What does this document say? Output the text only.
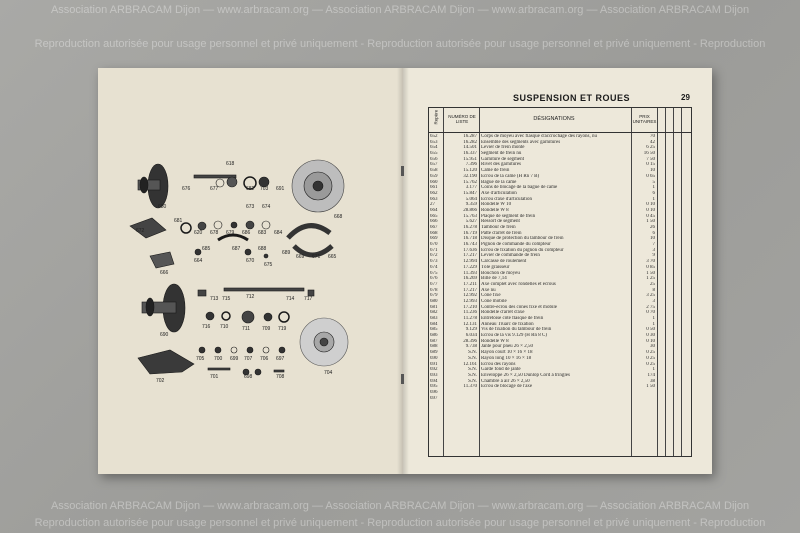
Association ARBRACAM Dijon — www.arbracam.org — Association ARBRACAM Dijon — www.arbracam.org — Association ARBRACAM Dijon
Reproduction autorisée pour usage personnel et privé uniquement - Reproduction autorisée pour usage personnel et privé uniquement - Reproduction
Association ARBRACAM Dijon — www.arbracam.org — Association ARBRACAM Dijon — www.arbracam.org — Association ARBRACAM Dijon
Reproduction autorisée pour usage personnel et privé uniquement - Reproduction autorisée pour usage personnel et privé uniquement - Reproduction
618
676	677	682 703 691
672
680
681
673 674
668
620 678 679 686 683 684
685	687	688
689
669 671 665
666
664	670
675
713 715	712	714 717
690
716 710	711 709 719
702
705
704
700
701
699 707
708
706 697
698
SUSPENSION ET ROUES	29
Repère	NUMÉRO DE LISTE	DÉSIGNATIONS	PRIX UNITAIRES
652	16.287 Corps de moyeu avec flasque d'accrochage des rayons, nu	70
653	16.282 Ensemble des segments avec garnitures	42
654	14.501 Levier de frein monté	6 25
655	16.337 Segment de frein nu	16 50
656	15.951 Garniture de segment	7 50
657	7.396 Rivet des garnitures	0 15
658	15.120 Came de frein	10
659	32.190 Écrou de la came (H Rn 7 B)	0 65
660	15.762 Bague de la came	5
661	3.177 Coins de blocage de la bague de came	1
662	15.847 Axe d'articulation	6
663	5.064 Écrou d'axe d'articulation	1
27	9.359 Rondelle W 10	0 10
664	28.866 Rondelle W 8	0 10
665	15.763 Plaque de segment de frein	0 45
666	5.627 Ressort de segment	1 50
667	16.278 Tambour de frein	26
668	16.719 Patte d'arrêt de frein	6
669	16.718 Disque de protection du tambour de frein	10
670	16.743 Pignon de commande du compteur	7
671	17.636 Écrou de fixation du pignon du compteur	3
672	17.217 Levier de commande de frein	9
673	12.994 Carcasse de roulement	3 70
674	17.229 Tôle graisseur	0 85
675	11.393 Bouchon de moyeu	1 50
676	16.269 Bille de 7,14	1 25
677	17.211 Axe complet avec rondelles et écrous	25
678	17.217 Axe nu	8
679	12.992 Cône fixe	3 25
680	12.993 Cône mobile	3
681	17.210 Contre-écrou des cônes fixe et mobile	2 75
682	11.236 Rondelle d'arrêt d'axe	0 70
683	11.278 Entretoise côté flasque de frein	1
684	12.131 Anneau Truarc de fixation	1
685	9.129 Vis de fixation du tambour de frein	0 50
686	6.034 Écrou de la vis 9.129 (H Rn 8 C)	0 30
687	28.396 Rondelle W 8	0 10
688	9.738 Jante pour pneu 26 × 2,50	30
689	S.N. Rayon court 10 × 16 × 18	0 25
690	S.N. Rayon long 10 × 16 × 18	0 25
691	12.161 Écrou des rayons	0 25
692	S.N. Garde fond de jante	1
693	S.N. Enveloppe 26 × 2,50 Dunlop Cord à tringles	174
694	S.N. Chambre à air 26 × 2,50	38
695	11.370 Écrou de blocage de l'axe	1 50
696
697
